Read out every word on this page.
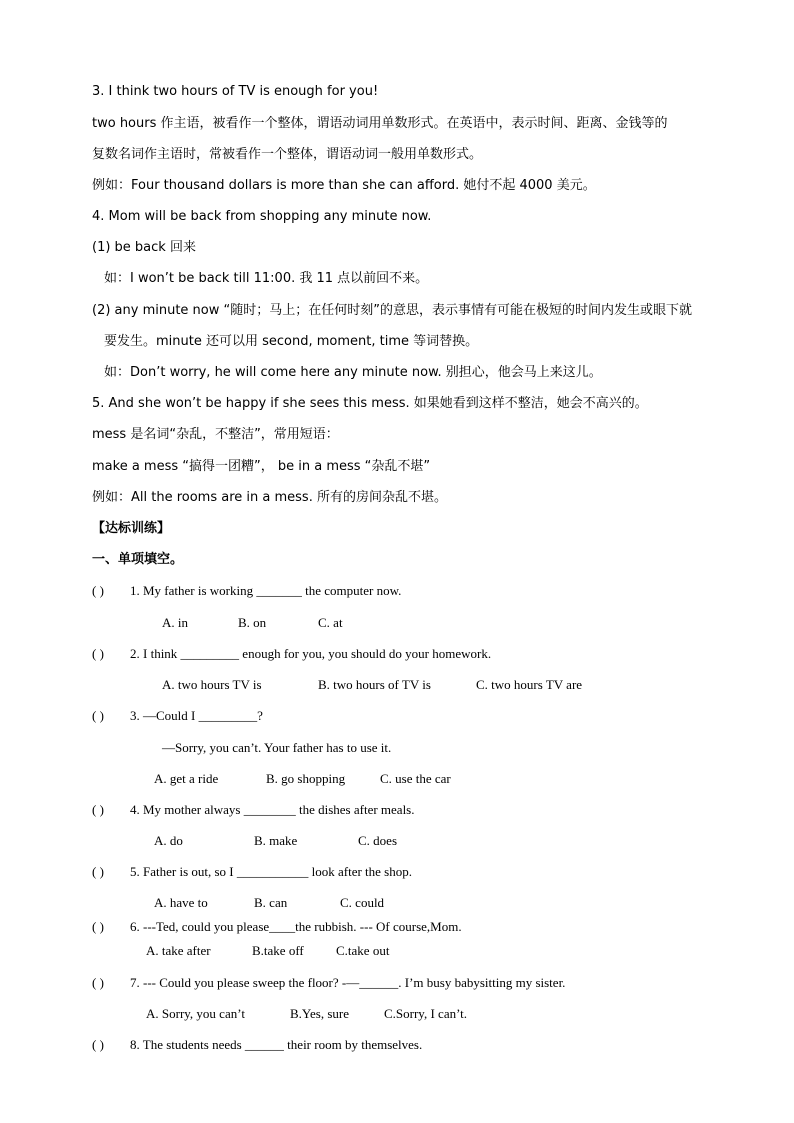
3. I think two hours of TV is enough for you!
two hours 作主语，被看作一个整体，谓语动词用单数形式。在英语中，表示时间、距离、金钱等的
复数名词作主语时，常被看作一个整体，谓语动词一般用单数形式。
例如：Four thousand dollars is more than she can afford. 她付不起 4000 美元。
4. Mom will be back from shopping any minute now.
(1) be back 回来
如：I won’t be back till 11:00. 我 11 点以前回不来。
(2) any minute now “随时；马上；在任何时刻”的意思，表示事情有可能在极短的时间内发生或眼下就
要发生。minute 还可以用 second, moment, time 等词替换。
如：Don’t worry, he will come here any minute now. 别担心，他会马上来这儿。
5. And she won’t be happy if she sees this mess. 如果她看到这样不整洁，她会不高兴的。
mess 是名词“杂乱，不整洁”，常用短语：
make a mess “搞得一团糟”， be in a mess “杂乱不堪”
例如：All the rooms are in a mess. 所有的房间杂乱不堪。
【达标训练】
一、单项填空。
( ) 1. My father is working _______ the computer now.
A. in	B. on	C. at
( ) 2. I think _________ enough for you, you should do your homework.
A. two hours TV is	B. two hours of TV is	C. two hours TV are
( ) 3. —Could I _________?
—Sorry, you can’t. Your father has to use it.
A. get a ride	B. go shopping	C. use the car
( ) 4. My mother always ________ the dishes after meals.
A. do	B. make	C. does
( ) 5. Father is out, so I ___________ look after the shop.
A. have to	B. can	C. could
( ) 6. ---Ted, could you please____the rubbish. --- Of course,Mom.
A. take after	B.take off C.take out
( ) 7. --- Could you please sweep the floor? -—______. I’m busy babysitting my sister.
A. Sorry, you can’t	B.Yes, sure	C.Sorry, I can’t.
( ) 8. The students needs ______ their room by themselves.
